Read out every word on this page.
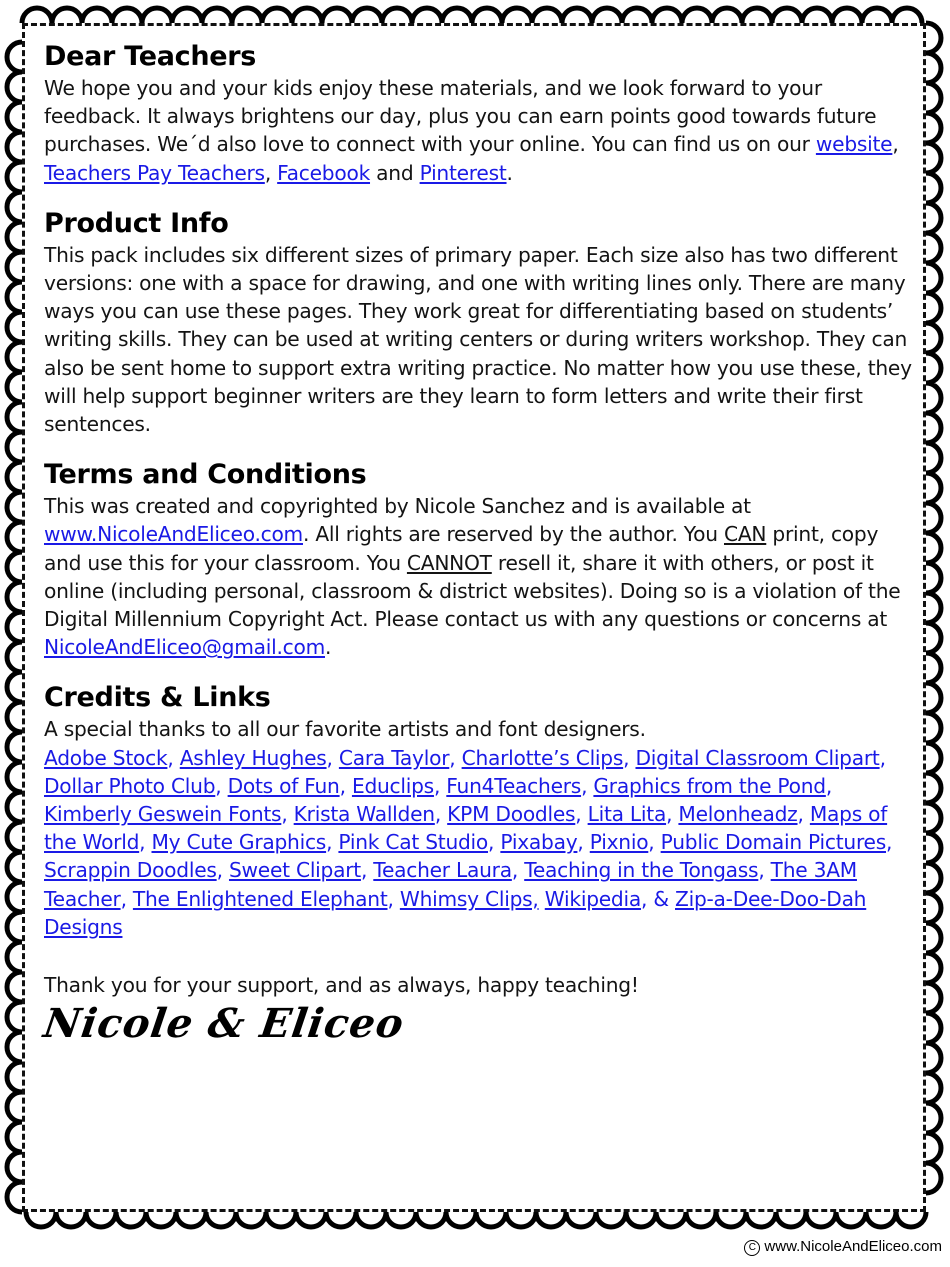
Dear Teachers

We hope you and your kids enjoy these materials, and we look forward to your feedback. It always brightens our day, plus you can earn points good towards future purchases. We´d also love to connect with your online. You can find us on our website, Teachers Pay Teachers, Facebook and Pinterest.

Product Info

This pack includes six different sizes of primary paper. Each size also has two different versions: one with a space for drawing, and one with writing lines only. There are many ways you can use these pages. They work great for differentiating based on students’ writing skills. They can be used at writing centers or during writers workshop. They can also be sent home to support extra writing practice. No matter how you use these, they will help support beginner writers are they learn to form letters and write their first sentences.

Terms and Conditions

This was created and copyrighted by Nicole Sanchez and is available at www.NicoleAndEliceo.com. All rights are reserved by the author. You CAN print, copy and use this for your classroom. You CANNOT resell it, share it with others, or post it online (including personal, classroom & district websites). Doing so is a violation of the Digital Millennium Copyright Act. Please contact us with any questions or concerns at NicoleAndEliceo@gmail.com.

Credits & Links

A special thanks to all our favorite artists and font designers.

Adobe Stock, Ashley Hughes, Cara Taylor, Charlotte’s Clips, Digital Classroom Clipart, Dollar Photo Club, Dots of Fun, Educlips, Fun4Teachers, Graphics from the Pond, Kimberly Geswein Fonts, Krista Wallden, KPM Doodles, Lita Lita, Melonheadz, Maps of the World, My Cute Graphics, Pink Cat Studio, Pixabay, Pixnio, Public Domain Pictures, Scrappin Doodles, Sweet Clipart, Teacher Laura, Teaching in the Tongass, The 3AM Teacher, The Enlightened Elephant, Whimsy Clips, Wikipedia, & Zip-a-Dee-Doo-Dah Designs

Thank you for your support, and as always, happy teaching!

Nicole & Eliceo
C www.NicoleAndEliceo.com
